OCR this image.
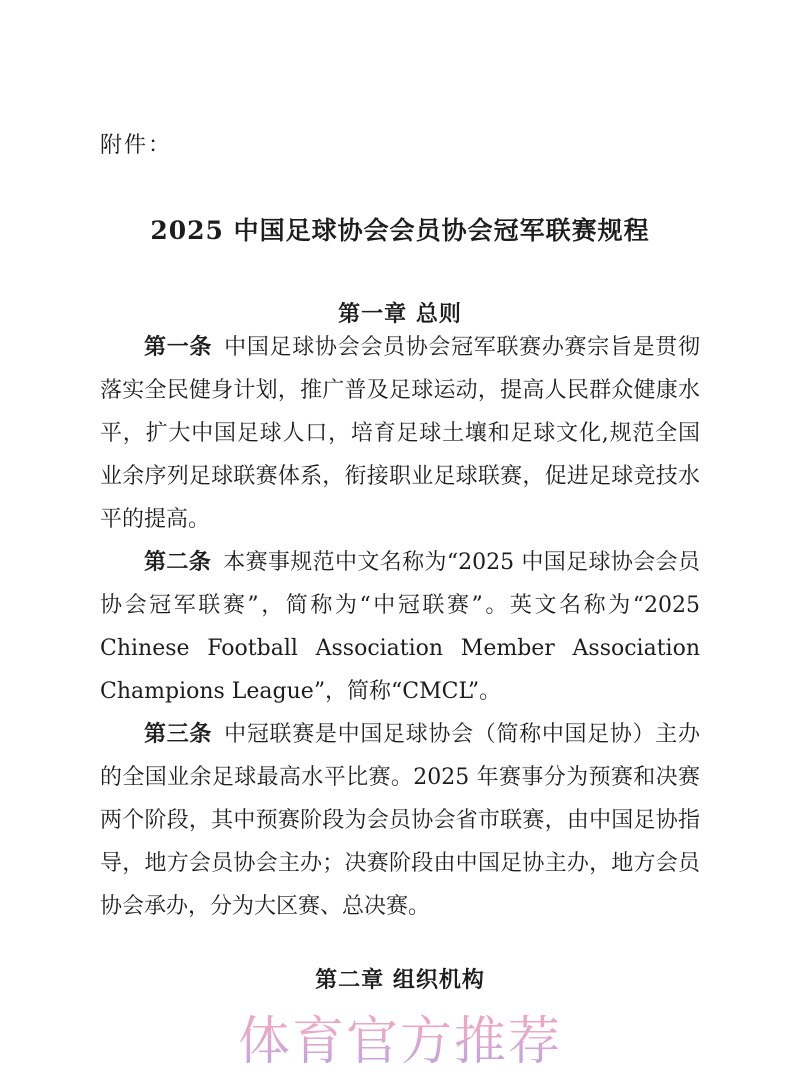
附件：
2025 中国足球协会会员协会冠军联赛规程
第一章 总则

第一条 中国足球协会会员协会冠军联赛办赛宗旨是贯彻落实全民健身计划，推广普及足球运动，提高人民群众健康水平，扩大中国足球人口，培育足球土壤和足球文化,规范全国业余序列足球联赛体系，衔接职业足球联赛，促进足球竞技水平的提高。

第二条 本赛事规范中文名称为“2025 中国足球协会会员协会冠军联赛”，简称为“中冠联赛”。英文名称为“2025 Chinese Football Association Member Association Champions League”，简称“CMCL”。

第三条 中冠联赛是中国足球协会（简称中国足协）主办的全国业余足球最高水平比赛。2025 年赛事分为预赛和决赛两个阶段，其中预赛阶段为会员协会省市联赛，由中国足协指导，地方会员协会主办；决赛阶段由中国足协主办，地方会员协会承办，分为大区赛、总决赛。

第二章 组织机构
体育官方推荐
